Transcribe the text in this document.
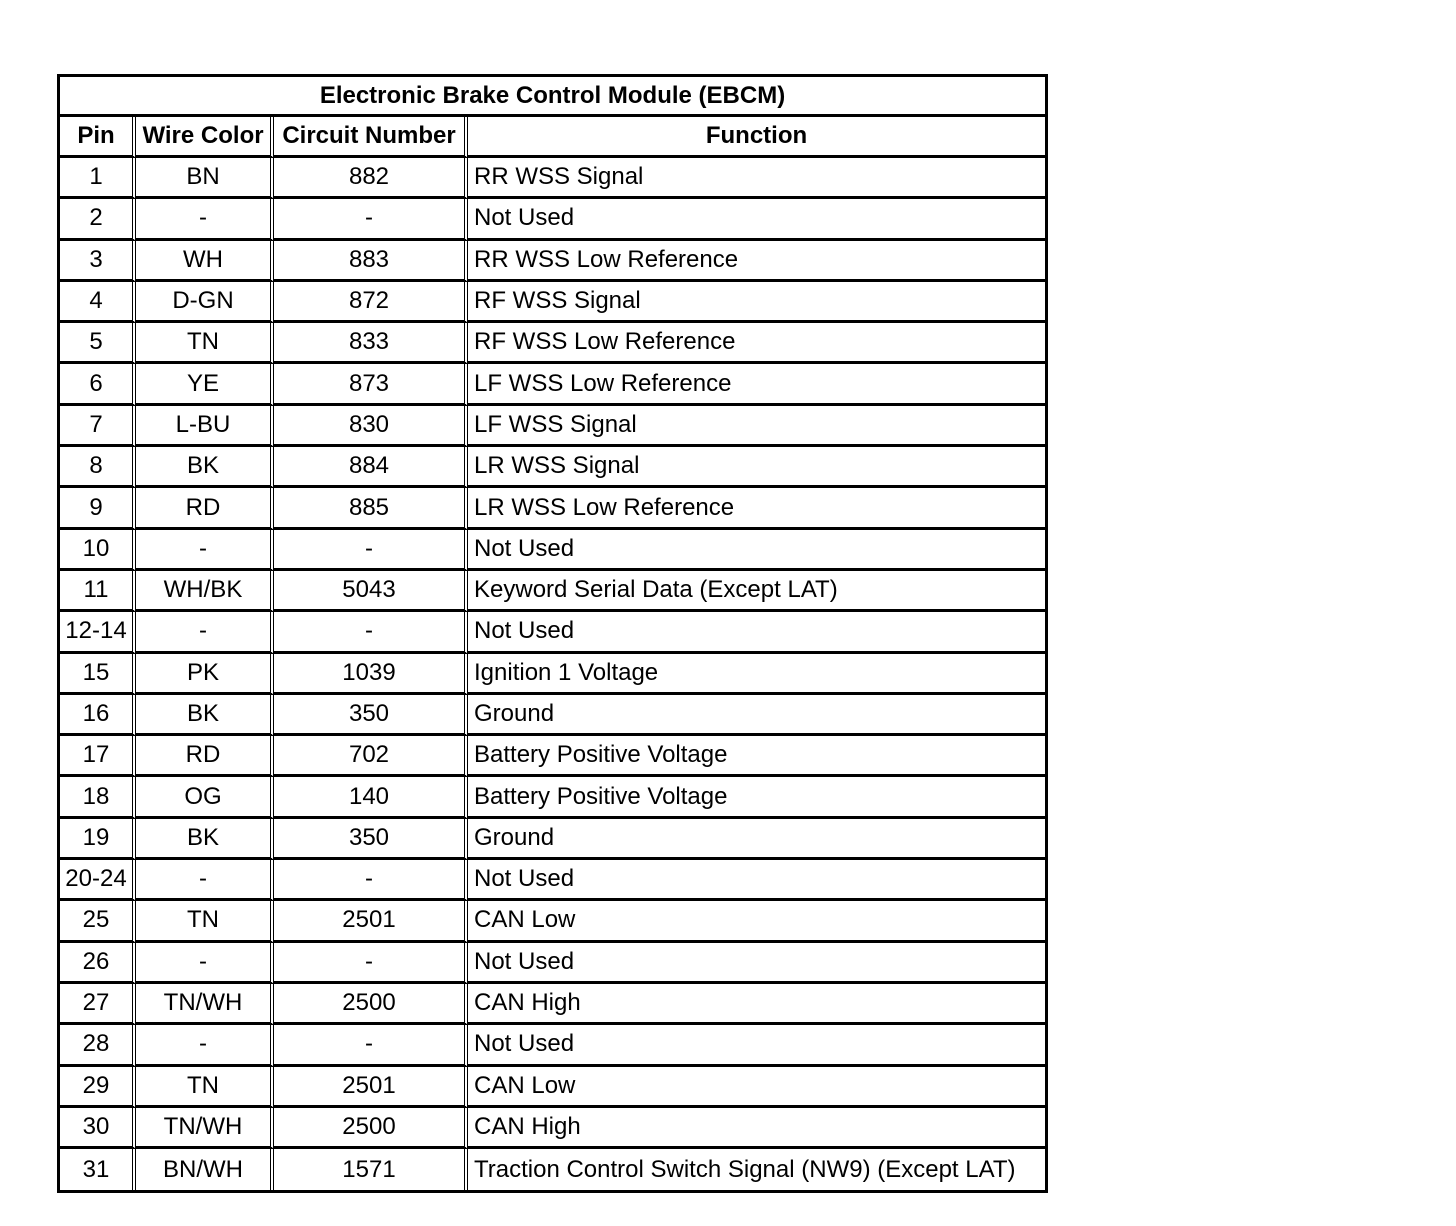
Electronic Brake Control Module (EBCM)			
Pin	Wire Color	Circuit Number	Function
1	BN	882	RR WSS Signal
2	-	-	Not Used
3	WH	883	RR WSS Low Reference
4	D-GN	872	RF WSS Signal
5	TN	833	RF WSS Low Reference
6	YE	873	LF WSS Low Reference
7	L-BU	830	LF WSS Signal
8	BK	884	LR WSS Signal
9	RD	885	LR WSS Low Reference
10	-	-	Not Used
11	WH/BK	5043	Keyword Serial Data (Except LAT)
12-14	-	-	Not Used
15	PK	1039	Ignition 1 Voltage
16	BK	350	Ground
17	RD	702	Battery Positive Voltage
18	OG	140	Battery Positive Voltage
19	BK	350	Ground
20-24	-	-	Not Used
25	TN	2501	CAN Low
26	-	-	Not Used
27	TN/WH	2500	CAN High
28	-	-	Not Used
29	TN	2501	CAN Low
30	TN/WH	2500	CAN High
31	BN/WH	1571	Traction Control Switch Signal (NW9) (Except LAT)
